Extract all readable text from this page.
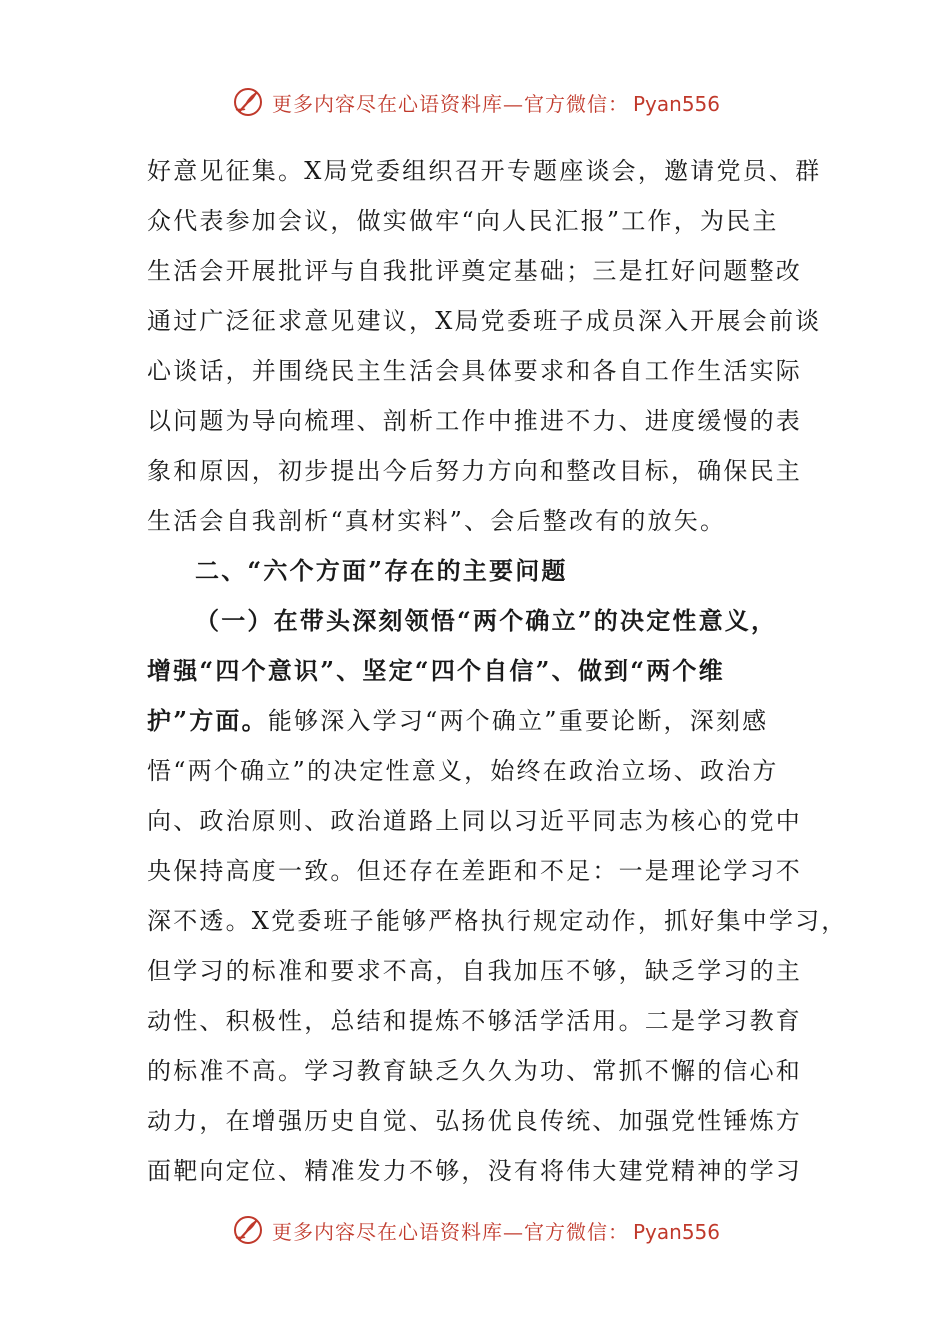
更多内容尽在心语资料库—官方微信： Pyan556
好意见征集。X局党委组织召开专题座谈会，邀请党员、群
众代表参加会议，做实做牢“向人民汇报”工作，为民主
生活会开展批评与自我批评奠定基础；三是扛好问题整改
通过广泛征求意见建议，X局党委班子成员深入开展会前谈
心谈话，并围绕民主生活会具体要求和各自工作生活实际
以问题为导向梳理、剖析工作中推进不力、进度缓慢的表
象和原因，初步提出今后努力方向和整改目标，确保民主
生活会自我剖析“真材实料”、会后整改有的放矢。
二、“六个方面”存在的主要问题
（一）在带头深刻领悟“两个确立”的决定性意义，
增强“四个意识”、坚定“四个自信”、做到“两个维
护”方面。能够深入学习“两个确立”重要论断，深刻感
悟“两个确立”的决定性意义，始终在政治立场、政治方
向、政治原则、政治道路上同以习近平同志为核心的党中
央保持高度一致。但还存在差距和不足：一是理论学习不
深不透。X党委班子能够严格执行规定动作，抓好集中学习，
但学习的标准和要求不高，自我加压不够，缺乏学习的主
动性、积极性，总结和提炼不够活学活用。二是学习教育
的标准不高。学习教育缺乏久久为功、常抓不懈的信心和
动力，在增强历史自觉、弘扬优良传统、加强党性锤炼方
面靶向定位、精准发力不够，没有将伟大建党精神的学习
更多内容尽在心语资料库—官方微信： Pyan556
